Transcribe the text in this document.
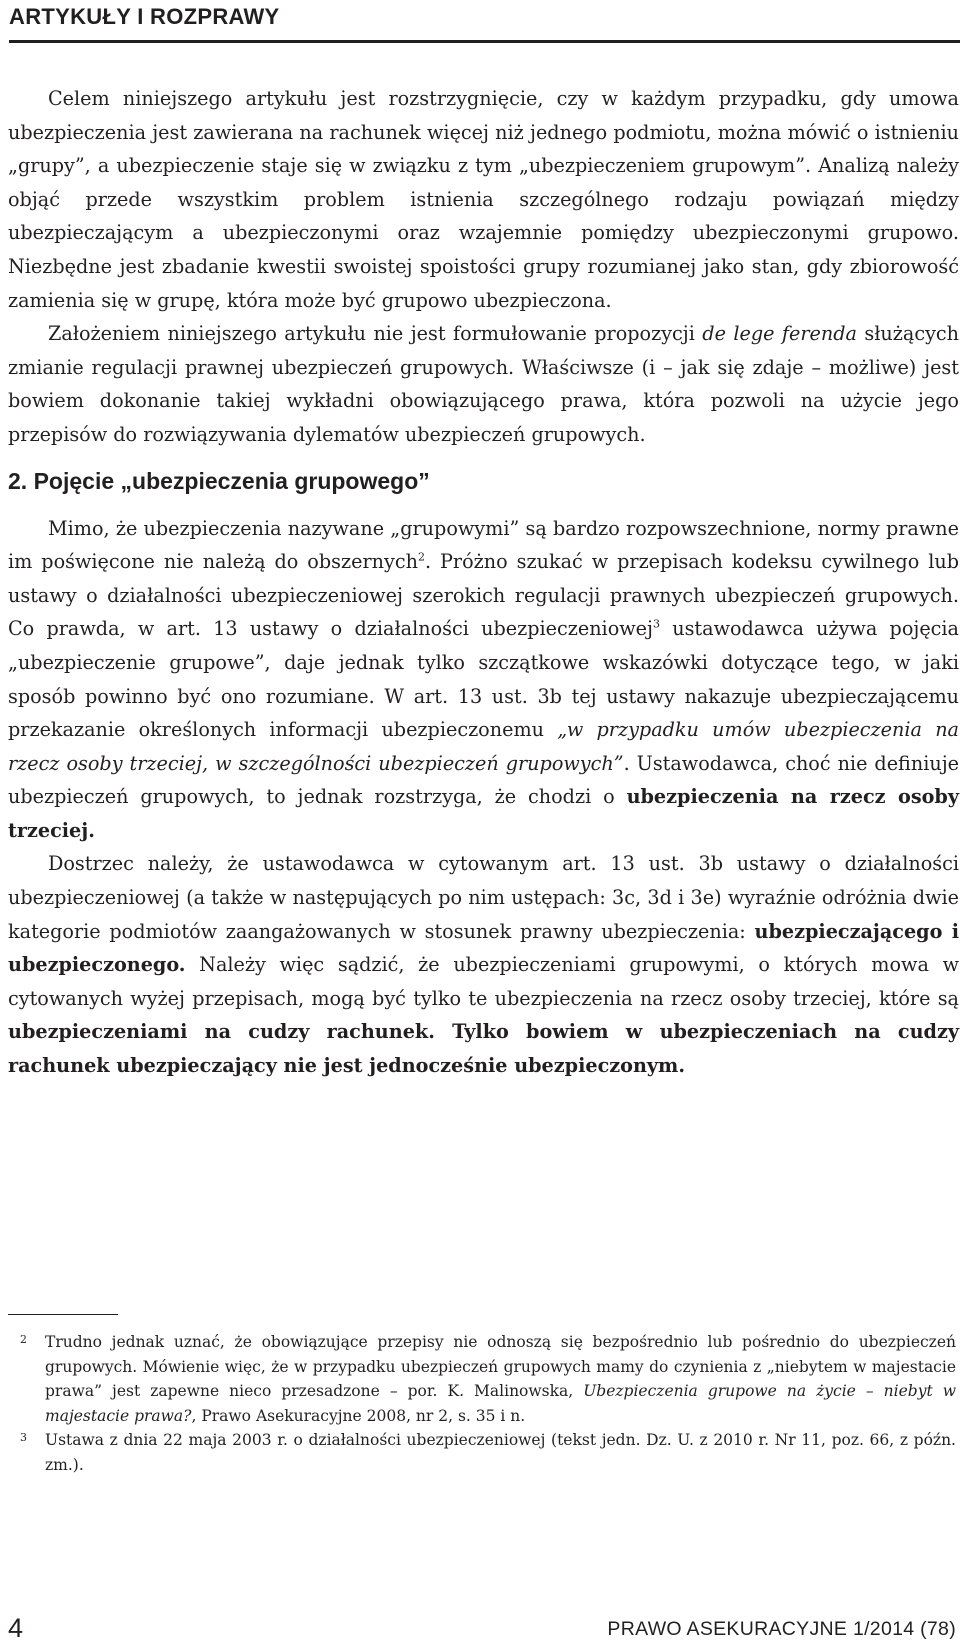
ARTYKUŁY I ROZPRAWY

Celem niniejszego artykułu jest rozstrzygnięcie, czy w każdym przypadku, gdy umowa ubezpieczenia jest zawierana na rachunek więcej niż jednego podmiotu, można mówić o istnieniu „grupy”, a ubezpieczenie staje się w związku z tym „ubezpieczeniem grupowym”. Analizą należy objąć przede wszystkim problem istnienia szczególnego rodzaju powiązań między ubezpieczającym a ubezpieczonymi oraz wzajemnie pomiędzy ubezpieczonymi grupowo. Niezbędne jest zbadanie kwestii swoistej spoistości grupy rozumianej jako stan, gdy zbiorowość zamienia się w grupę, która może być grupowo ubezpieczona.

Założeniem niniejszego artykułu nie jest formułowanie propozycji de lege ferenda służących zmianie regulacji prawnej ubezpieczeń grupowych. Właściwsze (i – jak się zdaje – możliwe) jest bowiem dokonanie takiej wykładni obowiązującego prawa, która pozwoli na użycie jego przepisów do rozwiązywania dylematów ubezpieczeń grupowych.

2. Pojęcie „ubezpieczenia grupowego”

Mimo, że ubezpieczenia nazywane „grupowymi” są bardzo rozpowszechnione, normy prawne im poświęcone nie należą do obszernych$^2$. Próżno szukać w przepisach kodeksu cywilnego lub ustawy o działalności ubezpieczeniowej szerokich regulacji prawnych ubezpieczeń grupowych. Co prawda, w art. 13 ustawy o działalności ubezpieczeniowej$^3$ ustawodawca używa pojęcia „ubezpieczenie grupowe”, daje jednak tylko szczątkowe wskazówki dotyczące tego, w jaki sposób powinno być ono rozumiane. W art. 13 ust. 3b tej ustawy nakazuje ubezpieczającemu przekazanie określonych informacji ubezpieczonemu „w przypadku umów ubezpieczenia na rzecz osoby trzeciej, w szczególności ubezpieczeń grupowych”. Ustawodawca, choć nie definiuje ubezpieczeń grupowych, to jednak rozstrzyga, że chodzi o ubezpieczenia na rzecz osoby trzeciej.

Dostrzec należy, że ustawodawca w cytowanym art. 13 ust. 3b ustawy o działalności ubezpieczeniowej (a także w następujących po nim ustępach: 3c, 3d i 3e) wyraźnie odróżnia dwie kategorie podmiotów zaangażowanych w stosunek prawny ubezpieczenia: ubezpieczającego i ubezpieczonego. Należy więc sądzić, że ubezpieczeniami grupowymi, o których mowa w cytowanych wyżej przepisach, mogą być tylko te ubezpieczenia na rzecz osoby trzeciej, które są ubezpieczeniami na cudzy rachunek. Tylko bowiem w ubezpieczeniach na cudzy rachunek ubezpieczający nie jest jednocześnie ubezpieczonym.

2 Trudno jednak uznać, że obowiązujące przepisy nie odnoszą się bezpośrednio lub pośrednio do ubezpieczeń grupowych. Mówienie więc, że w przypadku ubezpieczeń grupowych mamy do czynienia z „niebytem w majestacie prawa” jest zapewne nieco przesadzone – por. K. Malinowska, Ubezpieczenia grupowe na życie – niebyt w majestacie prawa?, Prawo Asekuracyjne 2008, nr 2, s. 35 i n.

3 Ustawa z dnia 22 maja 2003 r. o działalności ubezpieczeniowej (tekst jedn. Dz. U. z 2010 r. Nr 11, poz. 66, z późn. zm.).

4	PRAWO ASEKURACYJNE 1/2014 (78)
